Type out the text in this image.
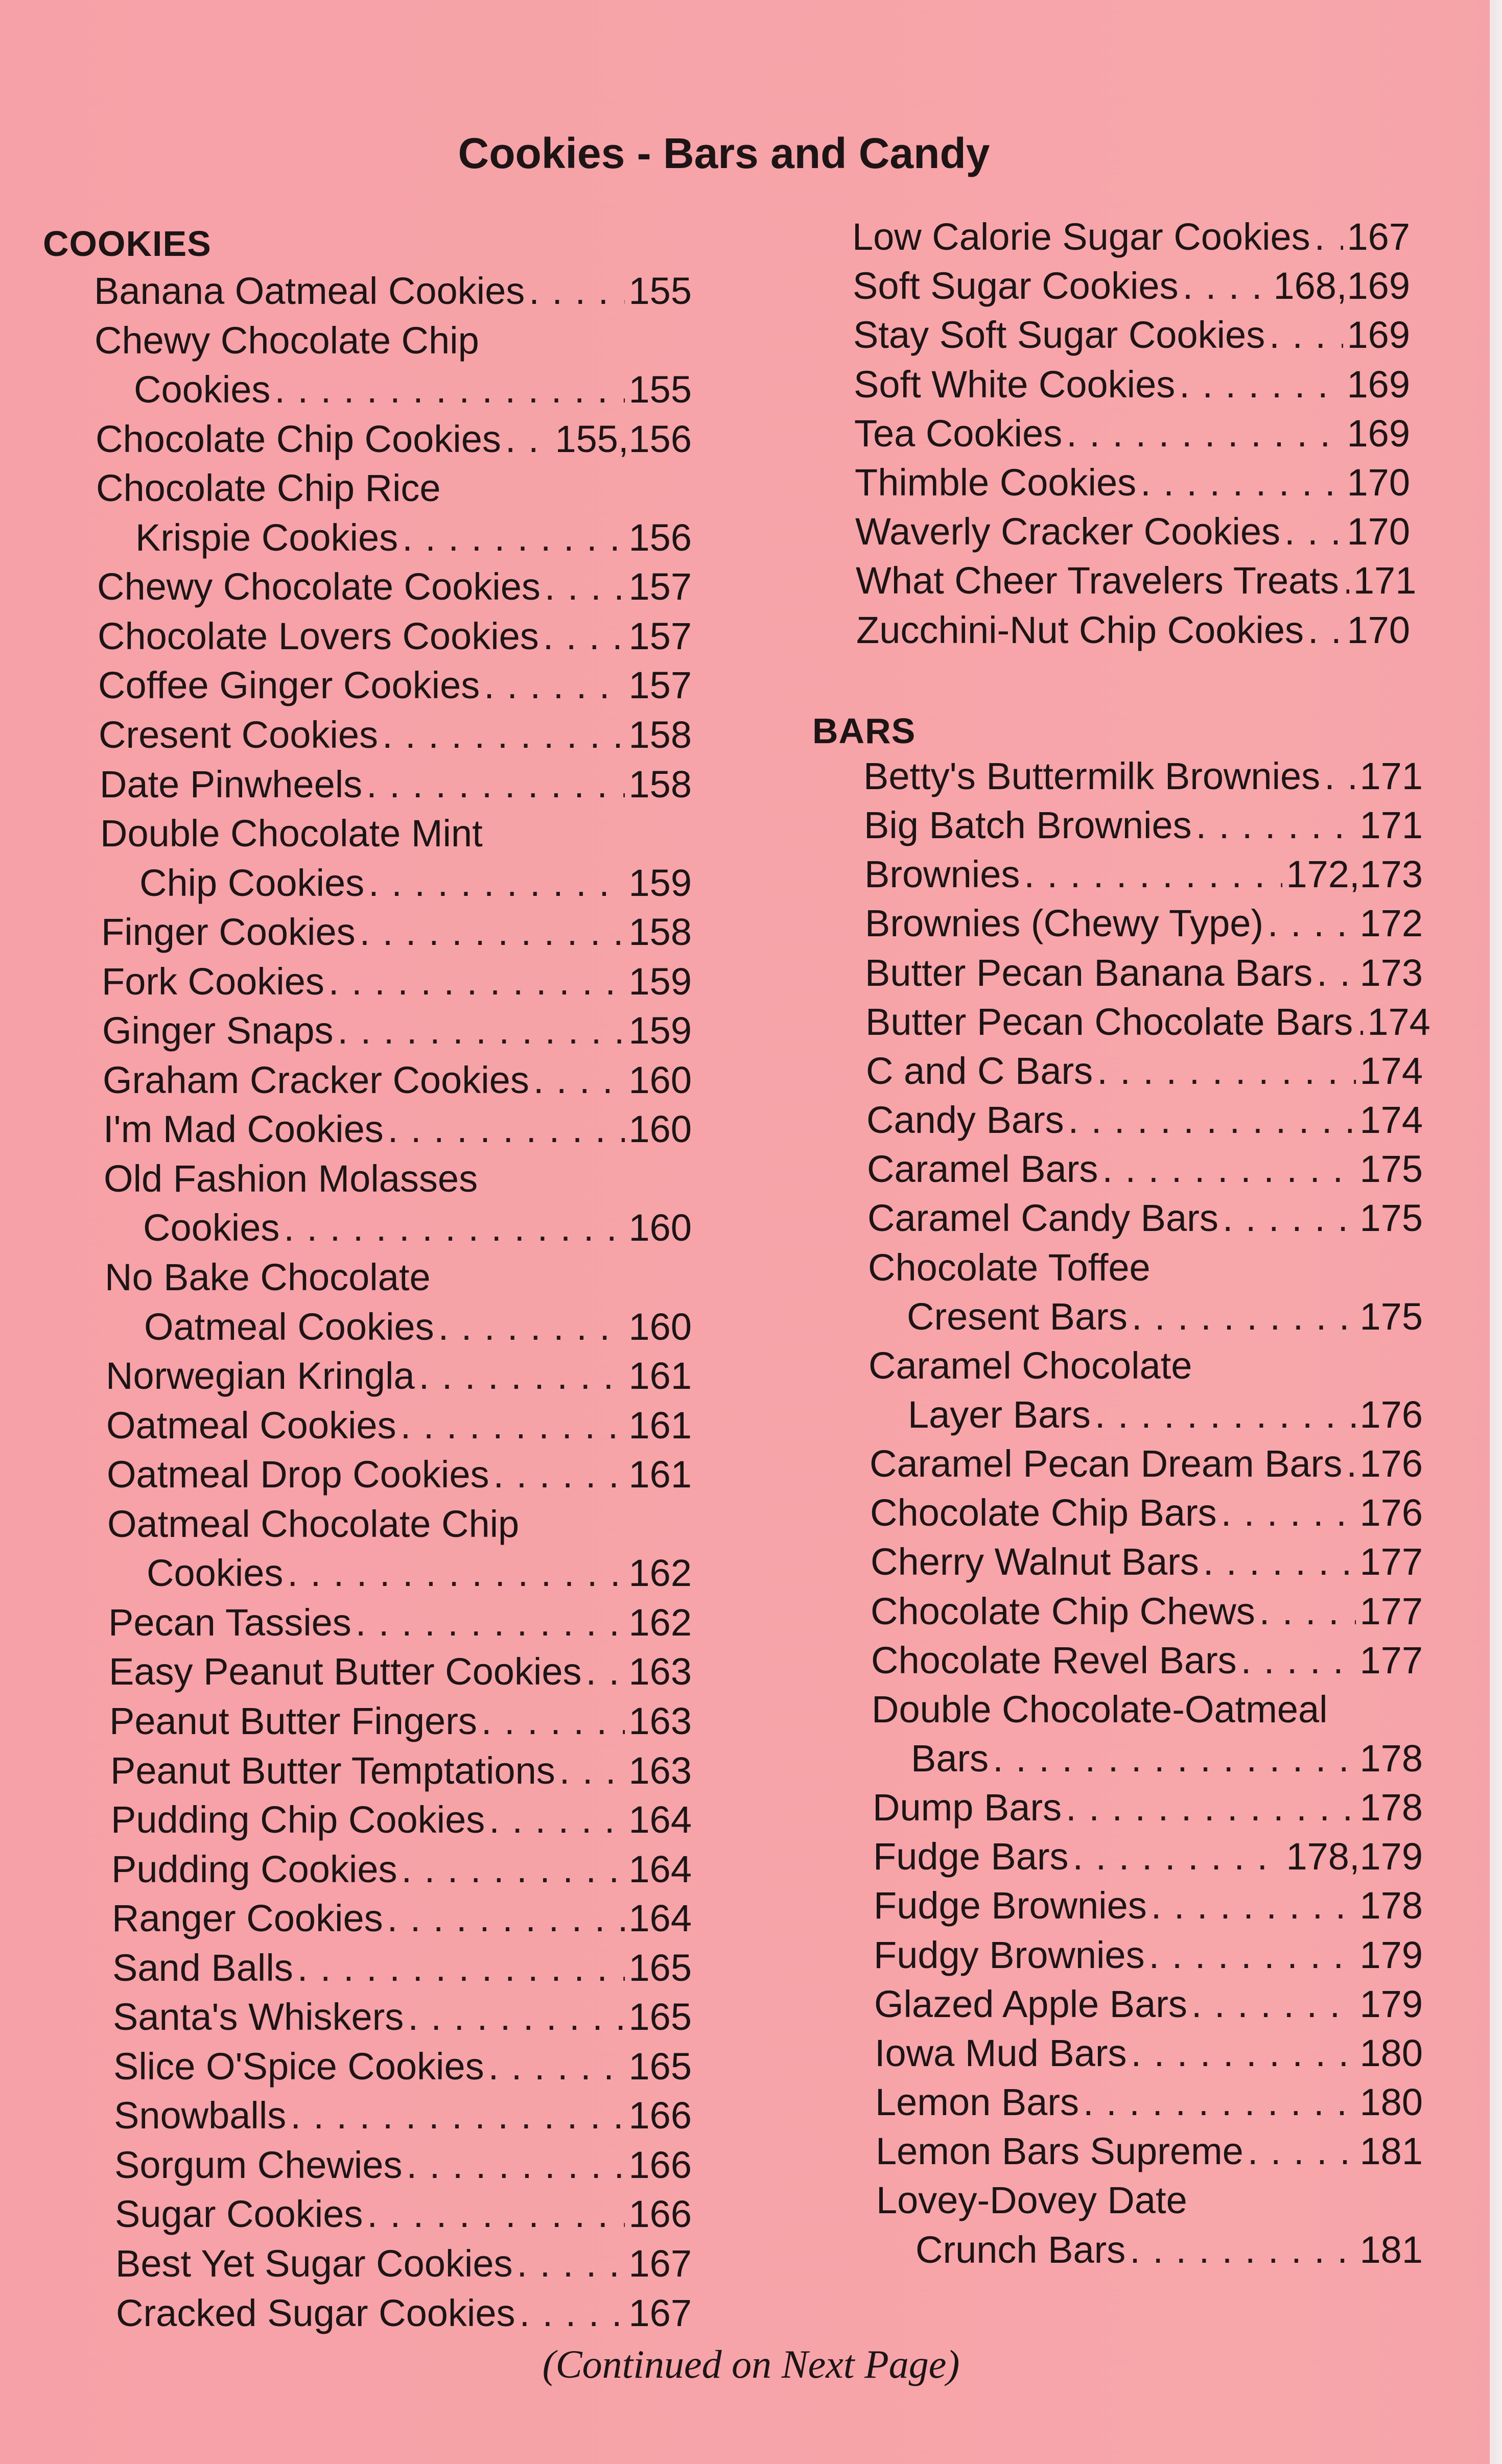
Cookies - Bars and Candy
COOKIES
Banana Oatmeal Cookies . . .	155
Chewy Chocolate Chip
Cookies . . .	155
Chocolate Chip Cookies . . . 155,156
Chocolate Chip Rice
Krispie Cookies . . .	156
Chewy Chocolate Cookies . . . 157
Chocolate Lovers Cookies . . . 157
Coffee Ginger Cookies . . .	157
Cresent Cookies . . .	158
Date Pinwheels . . .	158
Double Chocolate Mint
Chip Cookies . . .	159
Finger Cookies . . .	158
Fork Cookies . . .	159
Ginger Snaps . . .	159
Graham Cracker Cookies . . .	160
I'm Mad Cookies . . .	160
Old Fashion Molasses
Cookies . . .	160
No Bake Chocolate
Oatmeal Cookies . . .	160
Norwegian Kringla . . .	161
Oatmeal Cookies . . .	161
Oatmeal Drop Cookies . . .	161
Oatmeal Chocolate Chip
Cookies . . .	162
Pecan Tassies . . .	162
Easy Peanut Butter Cookies . . . 163
Peanut Butter Fingers . . .	163
Peanut Butter Temptations . . . 163
Pudding Chip Cookies . . .	164
Pudding Cookies . . .	164
Ranger Cookies . . .	164
Sand Balls . . .	165
Santa's Whiskers . . .	165
Slice O'Spice Cookies . . .	165
Snowballs . . .	166
Sorgum Chewies . . .	166
Sugar Cookies . . .	166
Best Yet Sugar Cookies . . .	167
Cracked Sugar Cookies . . .	167
Low Calorie Sugar Cookies . . . 167
Soft Sugar Cookies . . .	168,169
Stay Soft Sugar Cookies . . . 169
Soft White Cookies . . .	169
Tea Cookies . . .	169
Thimble Cookies . . .	170
Waverly Cracker Cookies . . . 170
What Cheer Travelers Treats . . . 171
Zucchini-Nut Chip Cookies . . . 170
BARS
Betty's Buttermilk Brownies . . . 171
Big Batch Brownies . . .	171
Brownies . . .	172,173
Brownies (Chewy Type) . . .	172
Butter Pecan Banana Bars . . . 173
Butter Pecan Chocolate Bars . . . 174
C and C Bars . . .	174
Candy Bars . . .	174
Caramel Bars . . .	175
Caramel Candy Bars . . .	175
Chocolate Toffee
Cresent Bars . . .	175
Caramel Chocolate
Layer Bars . . .	176
Caramel Pecan Dream Bars . . . 176
Chocolate Chip Bars . . .	176
Cherry Walnut Bars . . .	177
Chocolate Chip Chews . . .	177
Chocolate Revel Bars . . .	177
Double Chocolate-Oatmeal
Bars . . .	178
Dump Bars . . .	178
Fudge Bars . . .	178,179
Fudge Brownies . . .	178
Fudgy Brownies . . .	179
Glazed Apple Bars . . .	179
Iowa Mud Bars . . .	180
Lemon Bars . . .	180
Lemon Bars Supreme . . .	181
Lovey-Dovey Date
Crunch Bars . . .	181
(Continued on Next Page)
